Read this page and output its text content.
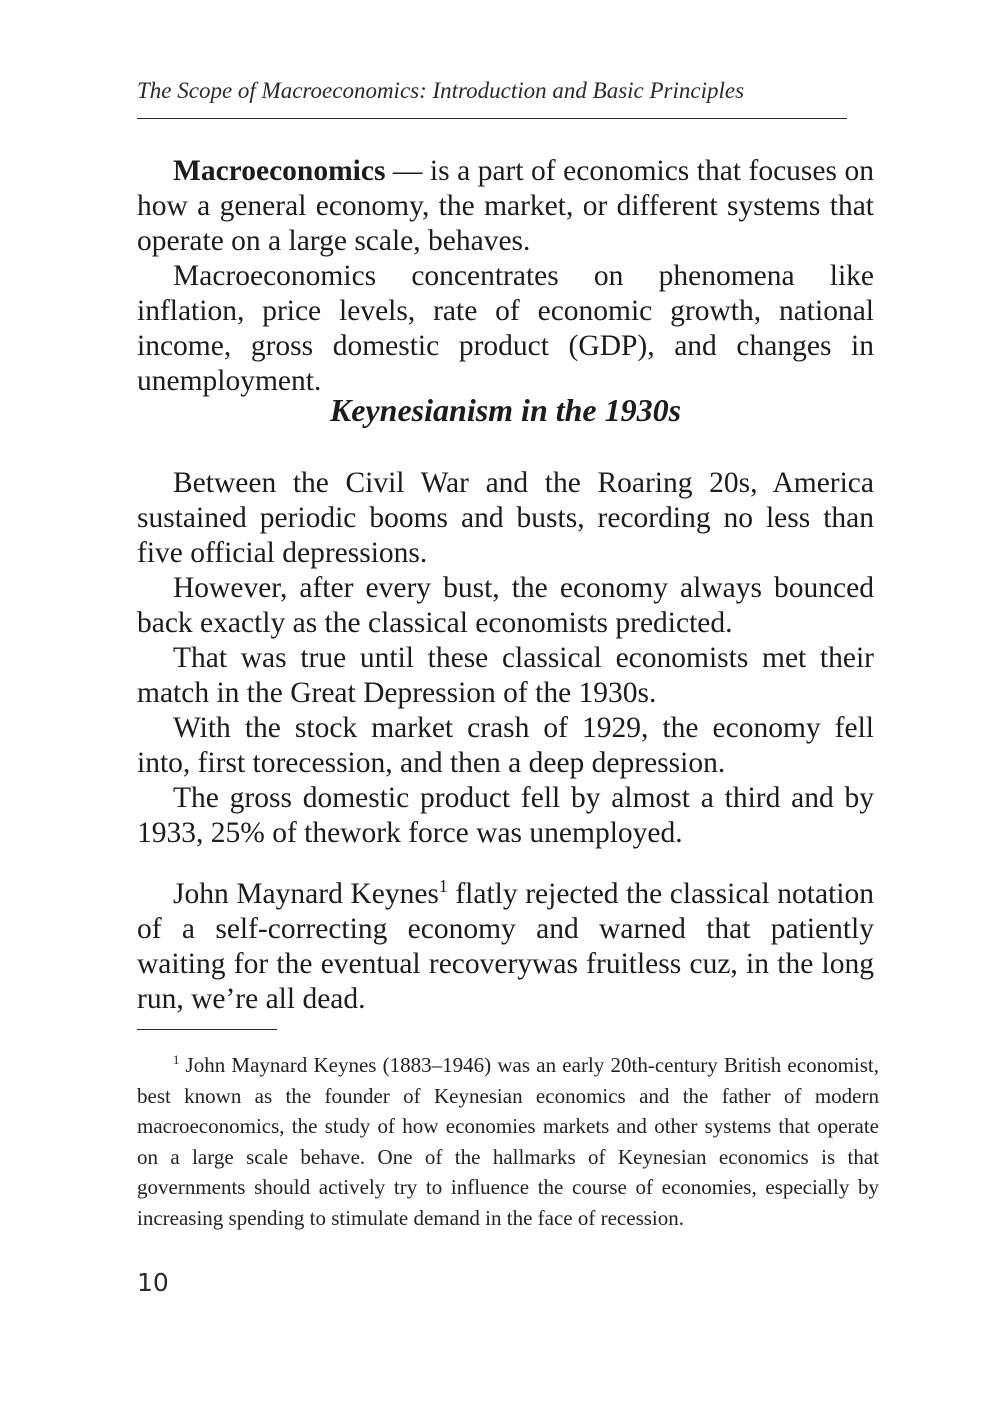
The Scope of Macroeconomics: Introduction and Basic Principles

Macroeconomics — is a part of economics that focuses on how a general economy, the market, or different systems that operate on a large scale, behaves.

Macroeconomics concentrates on phenomena like inflation, price levels, rate of economic growth, national income, gross domestic product (GDP), and changes in unemployment.

Keynesianism in the 1930s

Between the Civil War and the Roaring 20s, America sustained periodic booms and busts, recording no less than five official depressions.

However, after every bust, the economy always bounced back exactly as the classical economists predicted.

That was true until these classical economists met their match in the Great Depression of the 1930s.

With the stock market crash of 1929, the economy fell into, first torecession, and then a deep depression.

The gross domestic product fell by almost a third and by 1933, 25% of thework force was unemployed.

John Maynard Keynes$^1$ flatly rejected the classical notation of a self-correcting economy and warned that patiently waiting for the eventual recoverywas fruitless cuz, in the long run, we’re all dead.

$^1$ John Maynard Keynes (1883–1946) was an early 20th-century British economist, best known as the founder of Keynesian economics and the father of modern macroeconomics, the study of how economies markets and other systems that operate on a large scale behave. One of the hallmarks of Keynesian economics is that governments should actively try to influence the course of economies, especially by increasing spending to stimulate demand in the face of recession.

10
